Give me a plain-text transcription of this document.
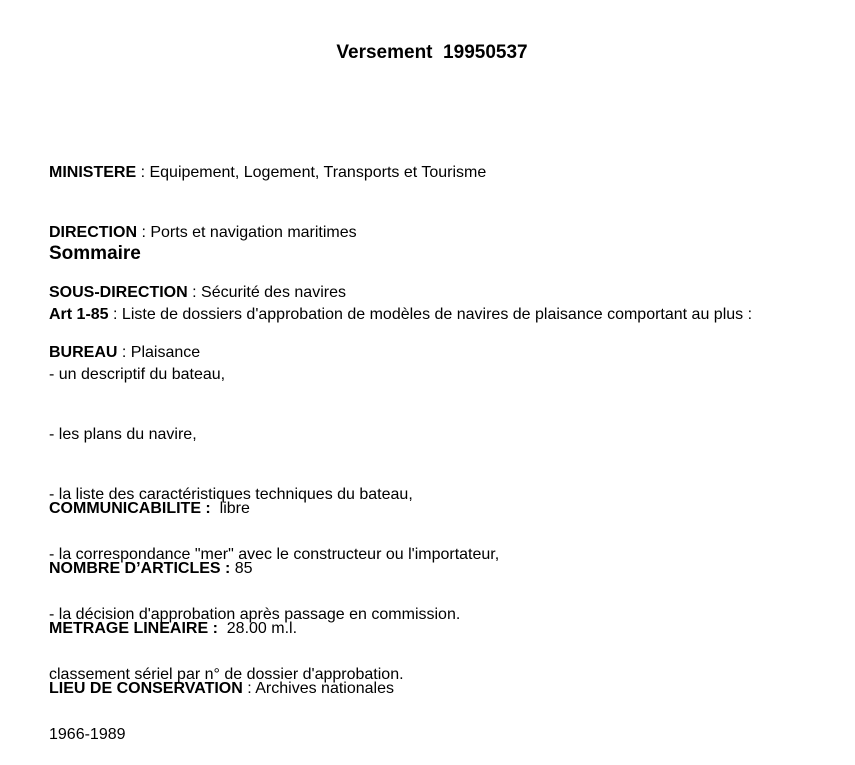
Versement  19950537

MINISTERE : Equipement, Logement, Transports et Tourisme

DIRECTION : Ports et navigation maritimes

SOUS-DIRECTION : Sécurité des navires

BUREAU : Plaisance

Sommaire

Art 1-85 : Liste de dossiers d'approbation de modèles de navires de plaisance comportant au plus :

- un descriptif du bateau,

- les plans du navire,

- la liste des caractéristiques techniques du bateau,

- la correspondance "mer" avec le constructeur ou l'importateur,

- la décision d'approbation après passage en commission.

classement sériel par n° de dossier d'approbation.

1966-1989

COMMUNICABILITE : libre

NOMBRE D’ARTICLES : 85

METRAGE LINEAIRE : 28.00 m.l.

LIEU DE CONSERVATION : Archives nationales
